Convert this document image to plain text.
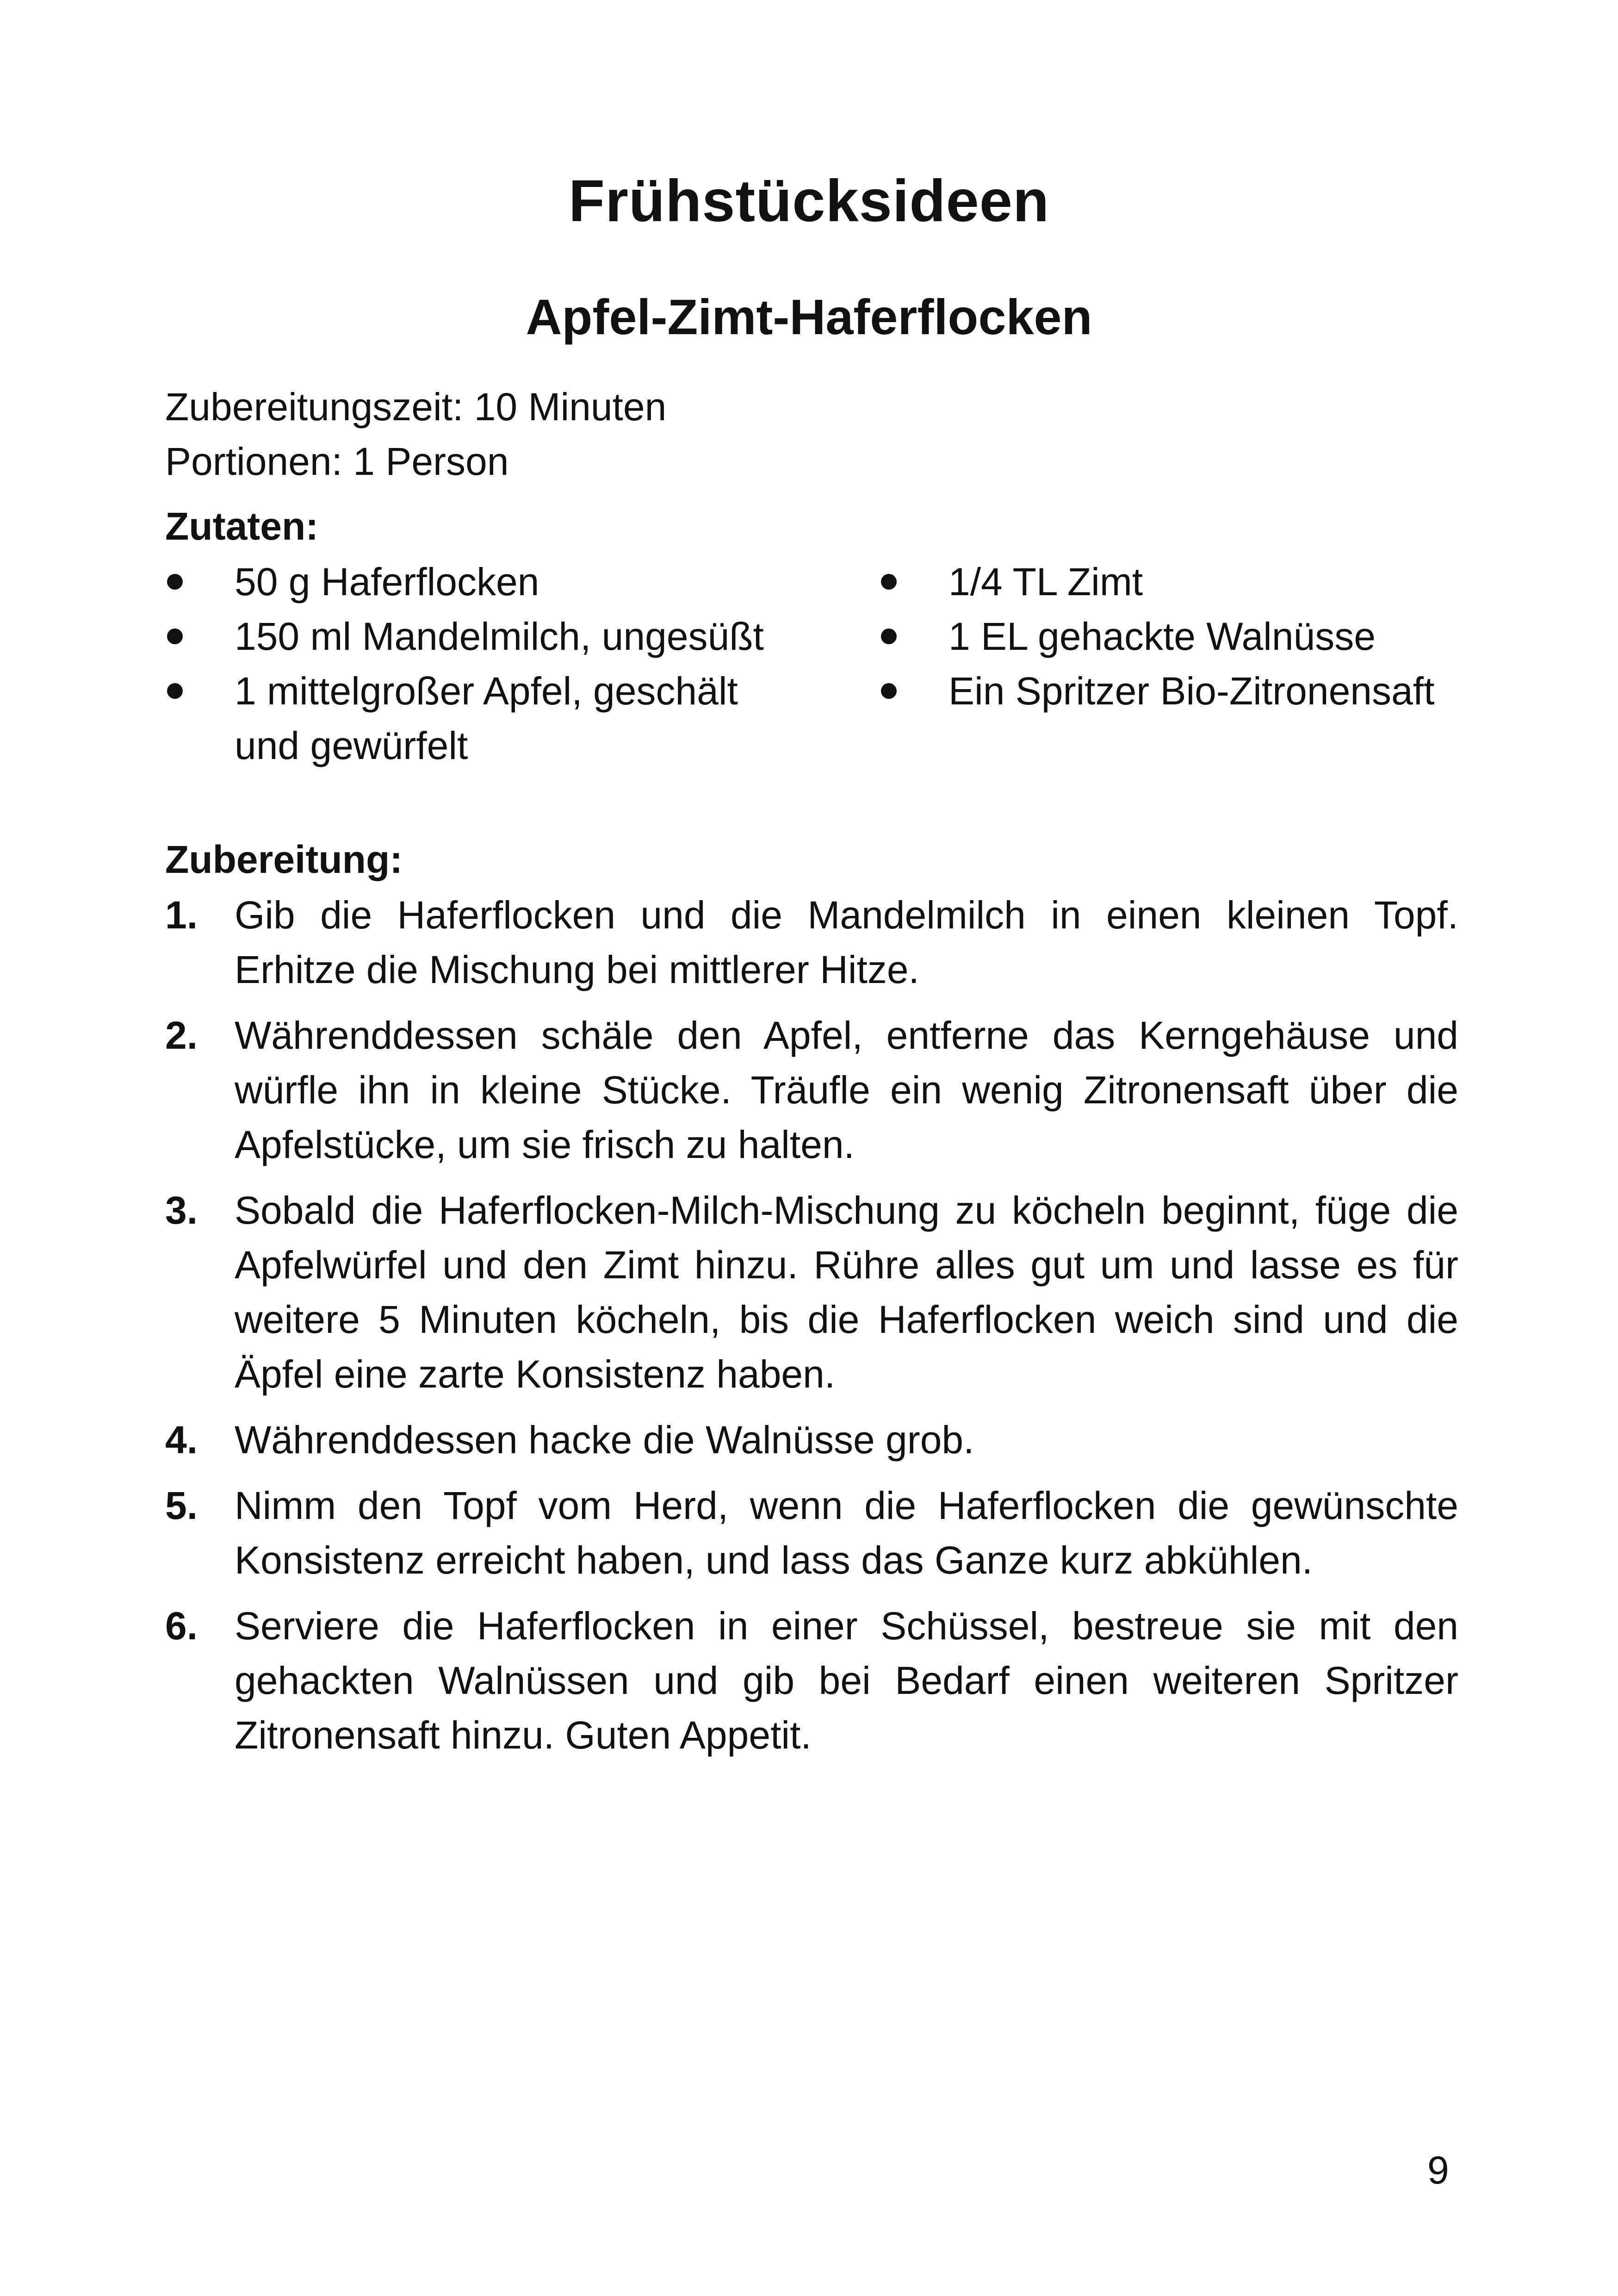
Frühstücksideen
Apfel-Zimt-Haferflocken
Zubereitungszeit: 10 Minuten
Portionen: 1 Person
Zutaten:
50 g Haferflocken
150 ml Mandelmilch, ungesüßt
1 mittelgroßer Apfel, geschält und gewürfelt
1/4 TL Zimt
1 EL gehackte Walnüsse
Ein Spritzer Bio-Zitronensaft
Zubereitung:
1. Gib die Haferflocken und die Mandelmilch in einen kleinen Topf. Erhitze die Mischung bei mittlerer Hitze.
2. Währenddessen schäle den Apfel, entferne das Kerngehäuse und würfle ihn in kleine Stücke. Träufle ein wenig Zitronensaft über die Apfelstücke, um sie frisch zu halten.
3. Sobald die Haferflocken-Milch-Mischung zu köcheln beginnt, füge die Apfelwürfel und den Zimt hinzu. Rühre alles gut um und lasse es für weitere 5 Minuten köcheln, bis die Haferflocken weich sind und die Äpfel eine zarte Konsistenz haben.
4. Währenddessen hacke die Walnüsse grob.
5. Nimm den Topf vom Herd, wenn die Haferflocken die gewünschte Konsistenz erreicht haben, und lass das Ganze kurz abkühlen.
6. Serviere die Haferflocken in einer Schüssel, bestreue sie mit den gehackten Walnüssen und gib bei Bedarf einen weiteren Spritzer Zitronensaft hinzu. Guten Appetit.
9
